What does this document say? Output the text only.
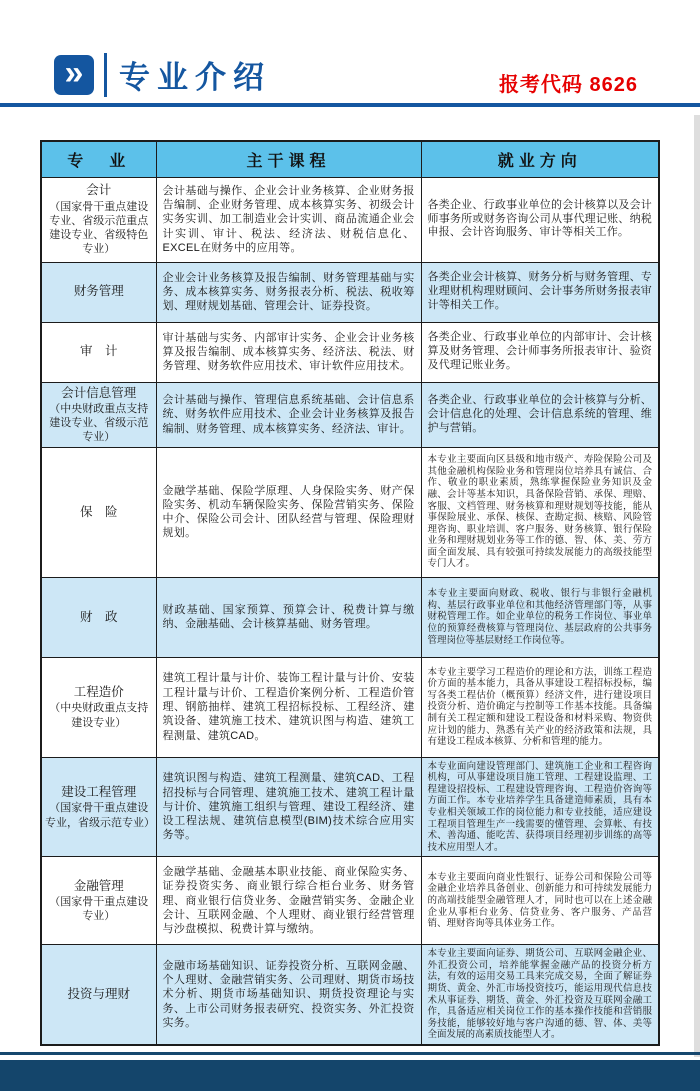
» 专业介绍	报考代码 8626
专　业	主干课程	就业方向

会计
（国家骨干重点建设专业、省级示范重点建设专业、省级特色专业）	会计基础与操作、企业会计业务核算、企业财务报告编制、企业财务管理、成本核算实务、初级会计实务实训、加工制造业会计实训、商品流通企业会计实训、审计、税法、经济法、财税信息化、EXCEL在财务中的应用等。	各类企业、行政事业单位的会计核算以及会计师事务所或财务咨询公司从事代理记账、纳税申报、会计咨询服务、审计等相关工作。

财务管理	企业会计业务核算及报告编制、财务管理基础与实务、成本核算实务、财务报表分析、税法、税收筹划、理财规划基础、管理会计、证券投资。	各类企业会计核算、财务分析与财务管理、专业理财机构理财顾问、会计事务所财务报表审计等相关工作。

审　计	审计基础与实务、内部审计实务、企业会计业务核算及报告编制、成本核算实务、经济法、税法、财务管理、财务软件应用技术、审计软件应用技术。	各类企业、行政事业单位的内部审计、会计核算及财务管理、会计师事务所报表审计、验资及代理记账业务。

会计信息管理
（中央财政重点支持建设专业、省级示范专业）	会计基础与操作、管理信息系统基础、会计信息系统、财务软件应用技术、企业会计业务核算及报告编制、财务管理、成本核算实务、经济法、审计。	各类企业、行政事业单位的会计核算与分析、会计信息化的处理、会计信息系统的管理、维护与营销。

保　险	金融学基础、保险学原理、人身保险实务、财产保险实务、机动车辆保险实务、保险营销实务、保险中介、保险公司会计、团队经营与管理、保险理财规划。	本专业主要面向区县级和地市级产、寿险保险公司及其他金融机构保险业务和管理岗位培养具有诚信、合作、敬业的职业素质，熟练掌握保险业务知识及金融、会计等基本知识，具备保险营销、承保、理赔、客服、文档管理、财务核算和理财规划等技能，能从事保险展业、承保、核保、查勘定损、核赔、风险管理咨询、职业培训、客户服务、财务核算、银行保险业务和理财规划业务等工作的德、智、体、美、劳方面全面发展、具有较强可持续发展能力的高级技能型专门人才。

财　政	财政基础、国家预算、预算会计、税费计算与缴纳、金融基础、会计核算基础、财务管理。	本专业主要面向财政、税收、银行与非银行金融机构、基层行政事业单位和其他经济管理部门等，从事财税管理工作。如企业单位的税务工作岗位、事业单位的预算经费核算与管理岗位、基层政府的公共事务管理岗位等基层财经工作岗位等。

工程造价
（中央财政重点支持建设专业）	建筑工程计量与计价、装饰工程计量与计价、安装工程计量与计价、工程造价案例分析、工程造价管理、钢筋抽样、建筑工程招标投标、工程经济、建筑设备、建筑施工技术、建筑识图与构造、建筑工程测量、建筑CAD。	本专业主要学习工程造价的理论和方法，训练工程造价方面的基本能力，具备从事建设工程招标投标，编写各类工程估价（概预算）经济文件，进行建设项目投资分析、造价确定与控制等工作基本技能。具备编制有关工程定额和建设工程设备和材料采购、物资供应计划的能力、熟悉有关产业的经济政策和法规，具有建设工程成本核算、分析和管理的能力。

建设工程管理
（国家骨干重点建设专业，省级示范专业）	建筑识图与构造、建筑工程测量、建筑CAD、工程招投标与合同管理、建筑施工技术、建筑工程计量与计价、建筑施工组织与管理、建设工程经济、建设工程法规、建筑信息模型(BIM)技术综合应用实务等。	本专业面向建设管理部门、建筑施工企业和工程咨询机构，可从事建设项目施工管理、工程建设监理、工程建设招投标、工程建设管理咨询、工程造价咨询等方面工作。本专业培养学生具备建造师素质，具有本专业相关领域工作的岗位能力和专业技能，适应建设工程项目管理生产一线需要的懂管理、会算帐、有技术、善沟通、能吃苦、获得项目经理初步训练的高等技术应用型人才。

金融管理
（国家骨干重点建设专业）	金融学基础、金融基本职业技能、商业保险实务、证券投资实务、商业银行综合柜台业务、财务管理、商业银行信贷业务、金融营销实务、金融企业会计、互联网金融、个人理财、商业银行经营管理与沙盘模拟、税费计算与缴纳。	本专业主要面向商业性银行、证券公司和保险公司等金融企业培养具备创业、创新能力和可持续发展能力的高端技能型金融管理人才，同时也可以在上述金融企业从事柜台业务、信贷业务、客户服务、产品营销、理财咨询等具体业务工作。

投资与理财	金融市场基础知识、证券投资分析、互联网金融、个人理财、金融营销实务、公司理财、期货市场技术分析、期货市场基础知识、期货投资理论与实务、上市公司财务报表研究、投资实务、外汇投资实务。	本专业主要面向证券、期货公司、互联网金融企业、外汇投资公司，培养能掌握金融产品的投资分析方法，有效的运用交易工具来完成交易，全面了解证券期货、黄金、外汇市场投资技巧，能运用现代信息技术从事证券、期货、黄金、外汇投资及互联网金融工作，具备适应相关岗位工作的基本操作技能和营销服务技能，能够较好地与客户沟通的德、智、体、美等全面发展的高素质技能型人才。
